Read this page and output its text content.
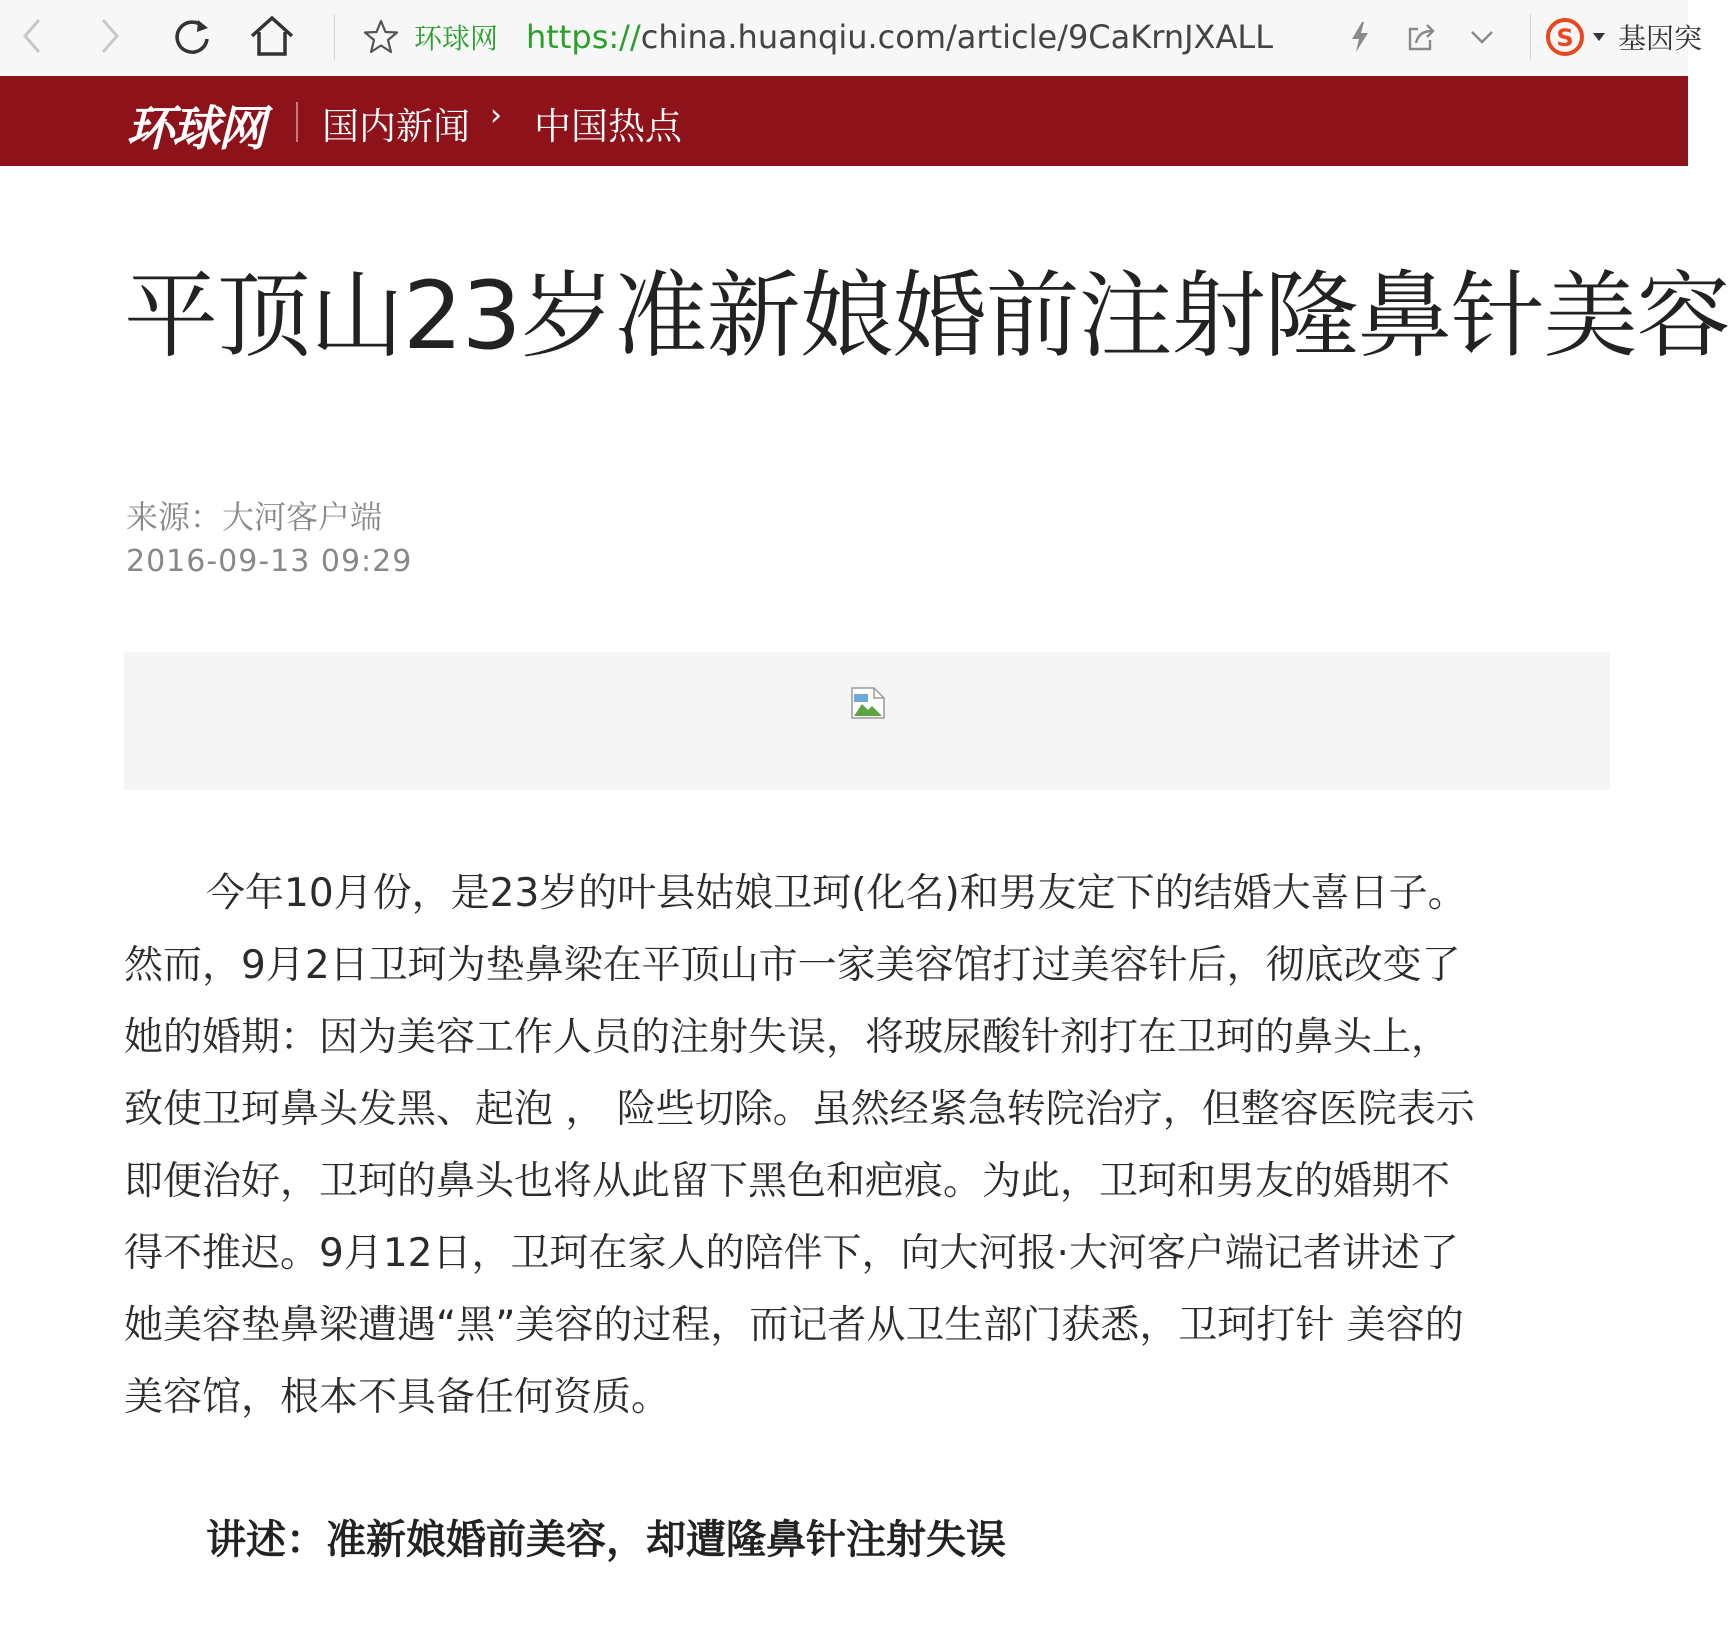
环球网 https:// china.huanqiu.com/article/9CaKrnJXALL	S 基因突
环球网 国内新闻 › 中国热点
平顶山23岁准新娘婚前注射隆鼻针美容
来源：大河客户端
2016-09-13 09:29
今年10月份，是23岁的叶县姑娘卫珂(化名)和男友定下的结婚大喜日子。
然而，9月2日卫珂为垫鼻梁在平顶山市一家美容馆打过美容针后，彻底改变了
她的婚期：因为美容工作人员的注射失误，将玻尿酸针剂打在卫珂的鼻头上，
致使卫珂鼻头发黑、起泡 ， 险些切除。虽然经紧急转院治疗，但整容医院表示
即便治好，卫珂的鼻头也将从此留下黑色和疤痕。为此，卫珂和男友的婚期不
得不推迟。9月12日，卫珂在家人的陪伴下，向大河报·大河客户端记者讲述了
她美容垫鼻梁遭遇“黑”美容的过程，而记者从卫生部门获悉，卫珂打针 美容的
美容馆，根本不具备任何资质。
讲述：准新娘婚前美容，却遭隆鼻针注射失误
